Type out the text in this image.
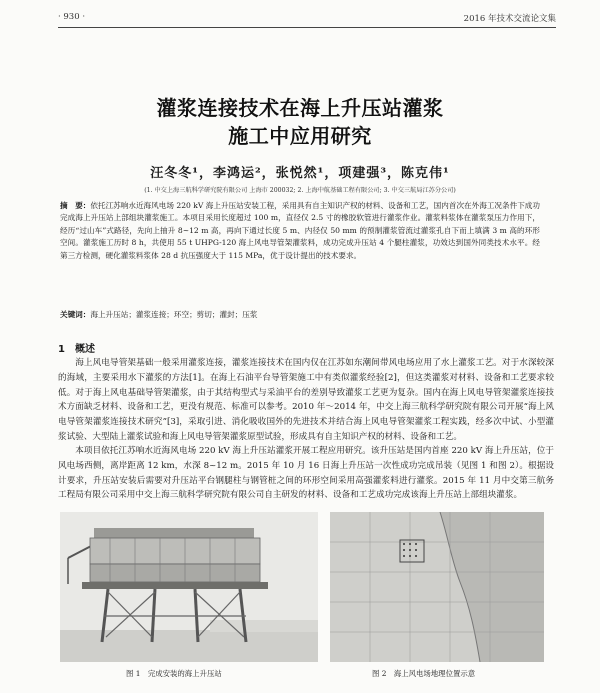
· 930 ·	2016 年技术交流论文集
灌浆连接技术在海上升压站灌浆
施工中应用研究
汪冬冬¹，李鸿运²，张悦然¹，项建强³，陈克伟¹
(1. 中交上海三航科学研究院有限公司 上海市 200032; 2. 上海中航基础工程有限公司; 3. 中交三航局江苏分公司)
摘　要：依托江苏响水近海风电场 220 kV 海上升压站安装工程，采用具有自主知识产权的材料、设备和工艺，国内首次在外海工况条件下成功完成海上升压站上部组块灌浆施工。本项目采用长度超过 100 m，直径仅 2.5 寸的橡胶软管进行灌浆作业。灌浆料浆体在灌浆泵压力作用下，经历“过山车”式路径，先向上抽升 8~12 m 高，再向下通过长度 5 m、内径仅 50 mm 的预制灌浆管流过灌浆孔自下而上填满 3 m 高的环形空间。灌浆施工历时 8 h，共使用 55 t UHPG-120 海上风电导管架灌浆料，成功完成升压站 4 个腿柱灌浆，功效达到国外同类技术水平。经第三方检测，硬化灌浆料浆体 28 d 抗压强度大于 115 MPa，优于设计提出的技术要求。
关键词：海上升压站；灌浆连接；环空；剪切；灌封；压浆
1　概述
海上风电导管架基础一般采用灌浆连接，灌浆连接技术在国内仅在江苏如东潮间带风电场应用了水上灌浆工艺。对于水深较深的海域，主要采用水下灌浆的方法[1]。在海上石油平台导管架施工中有类似灌浆经验[2]，但这类灌浆对材料、设备和工艺要求较低。对于海上风电基础导管架灌浆，由于其结构型式与采油平台的差别导致灌浆工艺更为复杂。国内在海上风电导管架灌浆连接技术方面缺乏材料、设备和工艺，更没有规范、标准可以参考。2010 年～2014 年，中交上海三航科学研究院有限公司开展“海上风电导管架灌浆连接技术研究”[3]，采取引进、消化吸收国外的先进技术并结合海上风电导管架灌浆工程实践，经多次中试、小型灌浆试验、大型陆上灌浆试验和海上风电导管架灌浆原型试验，形成具有自主知识产权的材料、设备和工艺。
本项目依托江苏响水近海风电场 220 kV 海上升压站灌浆开展工程应用研究。该升压站是国内首座 220 kV 海上升压站，位于风电场西侧，离岸距离 12 km，水深 8~12 m。2015 年 10 月 16 日海上升压站一次性成功完成吊装（见图 1 和图 2）。根据设计要求，升压站安装后需要对升压站平台钢腿柱与钢管桩之间的环形空间采用高强灌浆料进行灌浆。2015 年 11 月中交第三航务工程局有限公司采用中交上海三航科学研究院有限公司自主研发的材料、设备和工艺成功完成该海上升压站上部组块灌浆。
图 1　完成安装的海上升压站	图 2　海上风电场地理位置示意
